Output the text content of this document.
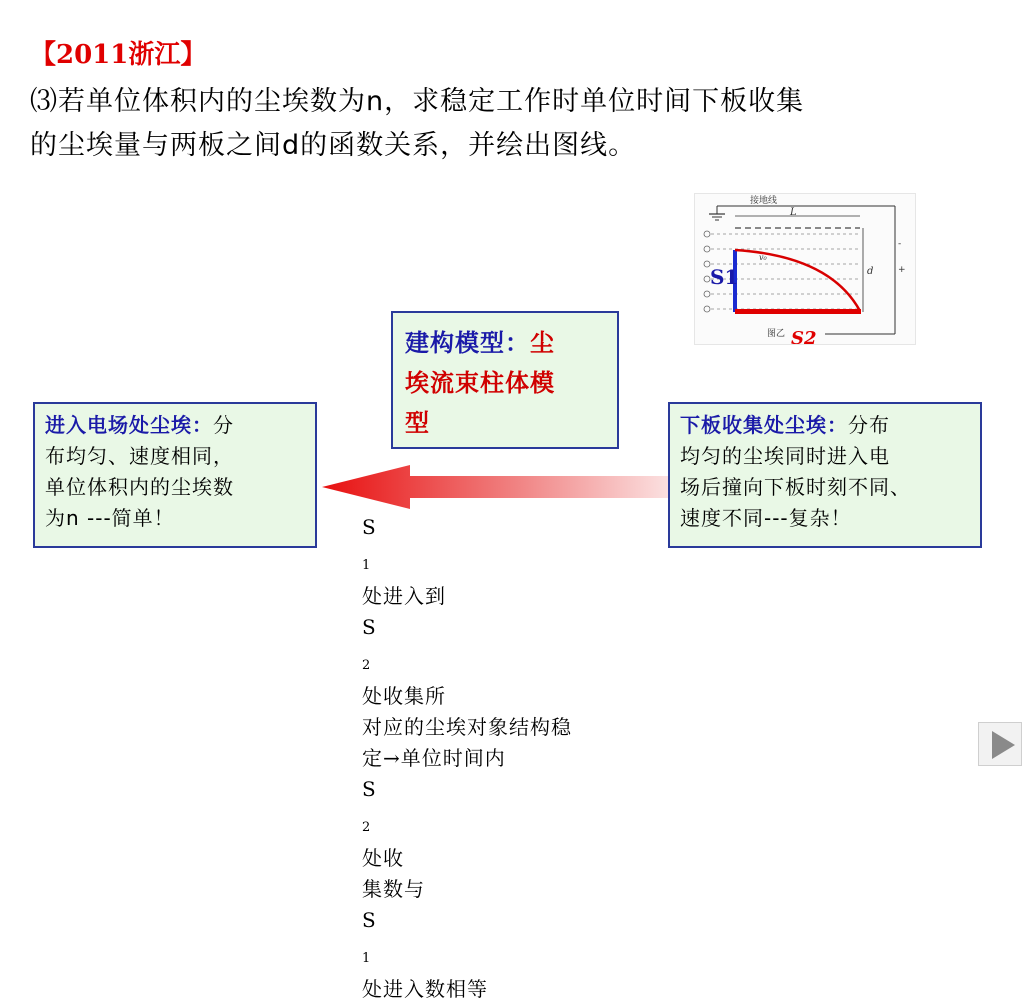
【2011浙江】
⑶若单位体积内的尘埃数为n，求稳定工作时单位时间下板收集
的尘埃量与两板之间d的函数关系，并绘出图线。
接地线
L
v₀
d
-
+
S1
图乙 S2

建构模型：尘
埃流束柱体模
型

进入电场处尘埃：分
布均匀、速度相同，
单位体积内的尘埃数
为n ---简单！

下板收集处尘埃：分布
均匀的尘埃同时进入电
场后撞向下板时刻不同、
速度不同---复杂！

S
$_1$
处进入到
S
$_2$
处收集所
对应的尘埃对象结构稳
定→单位时间内
S
$_2$
处收
集数与
S
$_1$
处进入数相等
